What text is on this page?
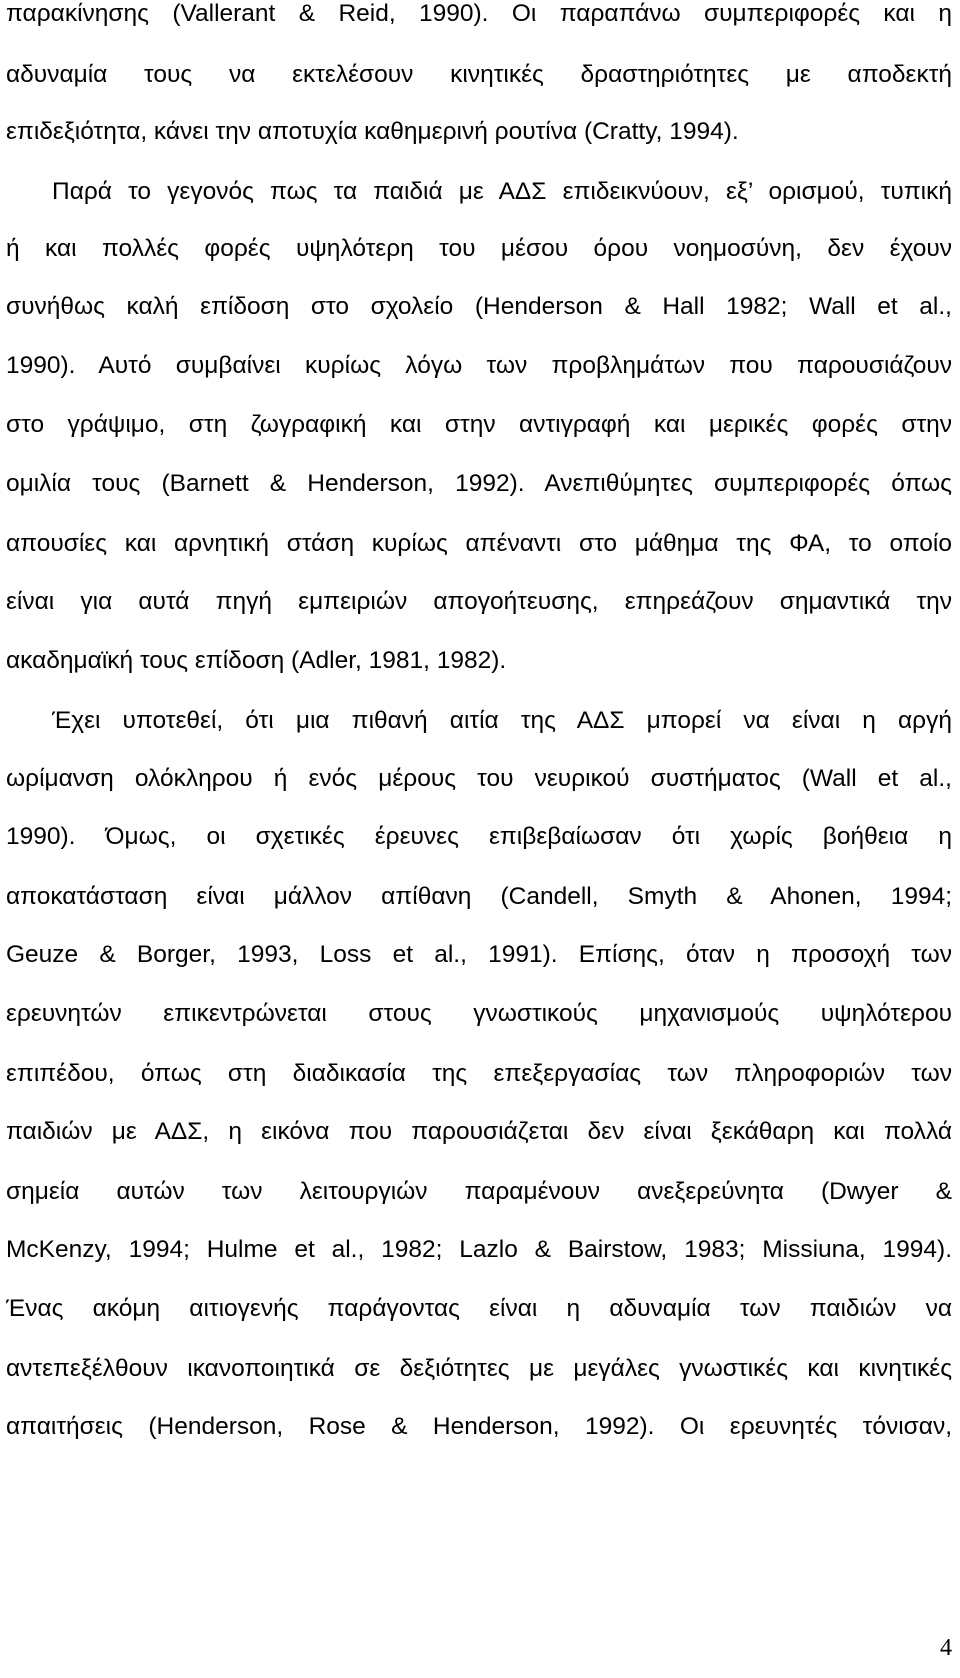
παρακίνησης (Vallerant & Reid, 1990). Οι παραπάνω συμπεριφορές και η
αδυναμία τους να εκτελέσουν κινητικές δραστηριότητες με αποδεκτή
επιδεξιότητα, κάνει την αποτυχία καθημερινή ρουτίνα (Cratty, 1994).
Παρά το γεγονός πως τα παιδιά με ΑΔΣ επιδεικνύουν, εξ’ ορισμού, τυπική
ή και πολλές φορές υψηλότερη του μέσου όρου νοημοσύνη, δεν έχουν
συνήθως καλή επίδοση στο σχολείο (Henderson & Hall 1982; Wall et al.,
1990). Αυτό συμβαίνει κυρίως λόγω των προβλημάτων που παρουσιάζουν
στο γράψιμο, στη ζωγραφική και στην αντιγραφή και μερικές φορές στην
ομιλία τους (Barnett & Henderson, 1992). Ανεπιθύμητες συμπεριφορές όπως
απουσίες και αρνητική στάση κυρίως απέναντι στο μάθημα της ΦΑ, το οποίο
είναι για αυτά πηγή εμπειριών απογοήτευσης, επηρεάζουν σημαντικά την
ακαδημαϊκή τους επίδοση (Adler, 1981, 1982).
Έχει υποτεθεί, ότι μια πιθανή αιτία της ΑΔΣ μπορεί να είναι η αργή
ωρίμανση ολόκληρου ή ενός μέρους του νευρικού συστήματος (Wall et al.,
1990). Όμως, οι σχετικές έρευνες επιβεβαίωσαν ότι χωρίς βοήθεια η
αποκατάσταση είναι μάλλον απίθανη (Candell, Smyth & Ahonen, 1994;
Geuze & Borger, 1993, Loss et al., 1991). Επίσης, όταν η προσοχή των
ερευνητών επικεντρώνεται στους γνωστικούς μηχανισμούς υψηλότερου
επιπέδου, όπως στη διαδικασία της επεξεργασίας των πληροφοριών των
παιδιών με ΑΔΣ, η εικόνα που παρουσιάζεται δεν είναι ξεκάθαρη και πολλά
σημεία αυτών των λειτουργιών παραμένουν ανεξερεύνητα (Dwyer &
McKenzy, 1994; Hulme et al., 1982; Lazlo & Bairstow, 1983; Missiuna, 1994).
Ένας ακόμη αιτιογενής παράγοντας είναι η αδυναμία των παιδιών να
αντεπεξέλθουν ικανοποιητικά σε δεξιότητες με μεγάλες γνωστικές και κινητικές
απαιτήσεις (Henderson, Rose & Henderson, 1992). Οι ερευνητές τόνισαν,
4
